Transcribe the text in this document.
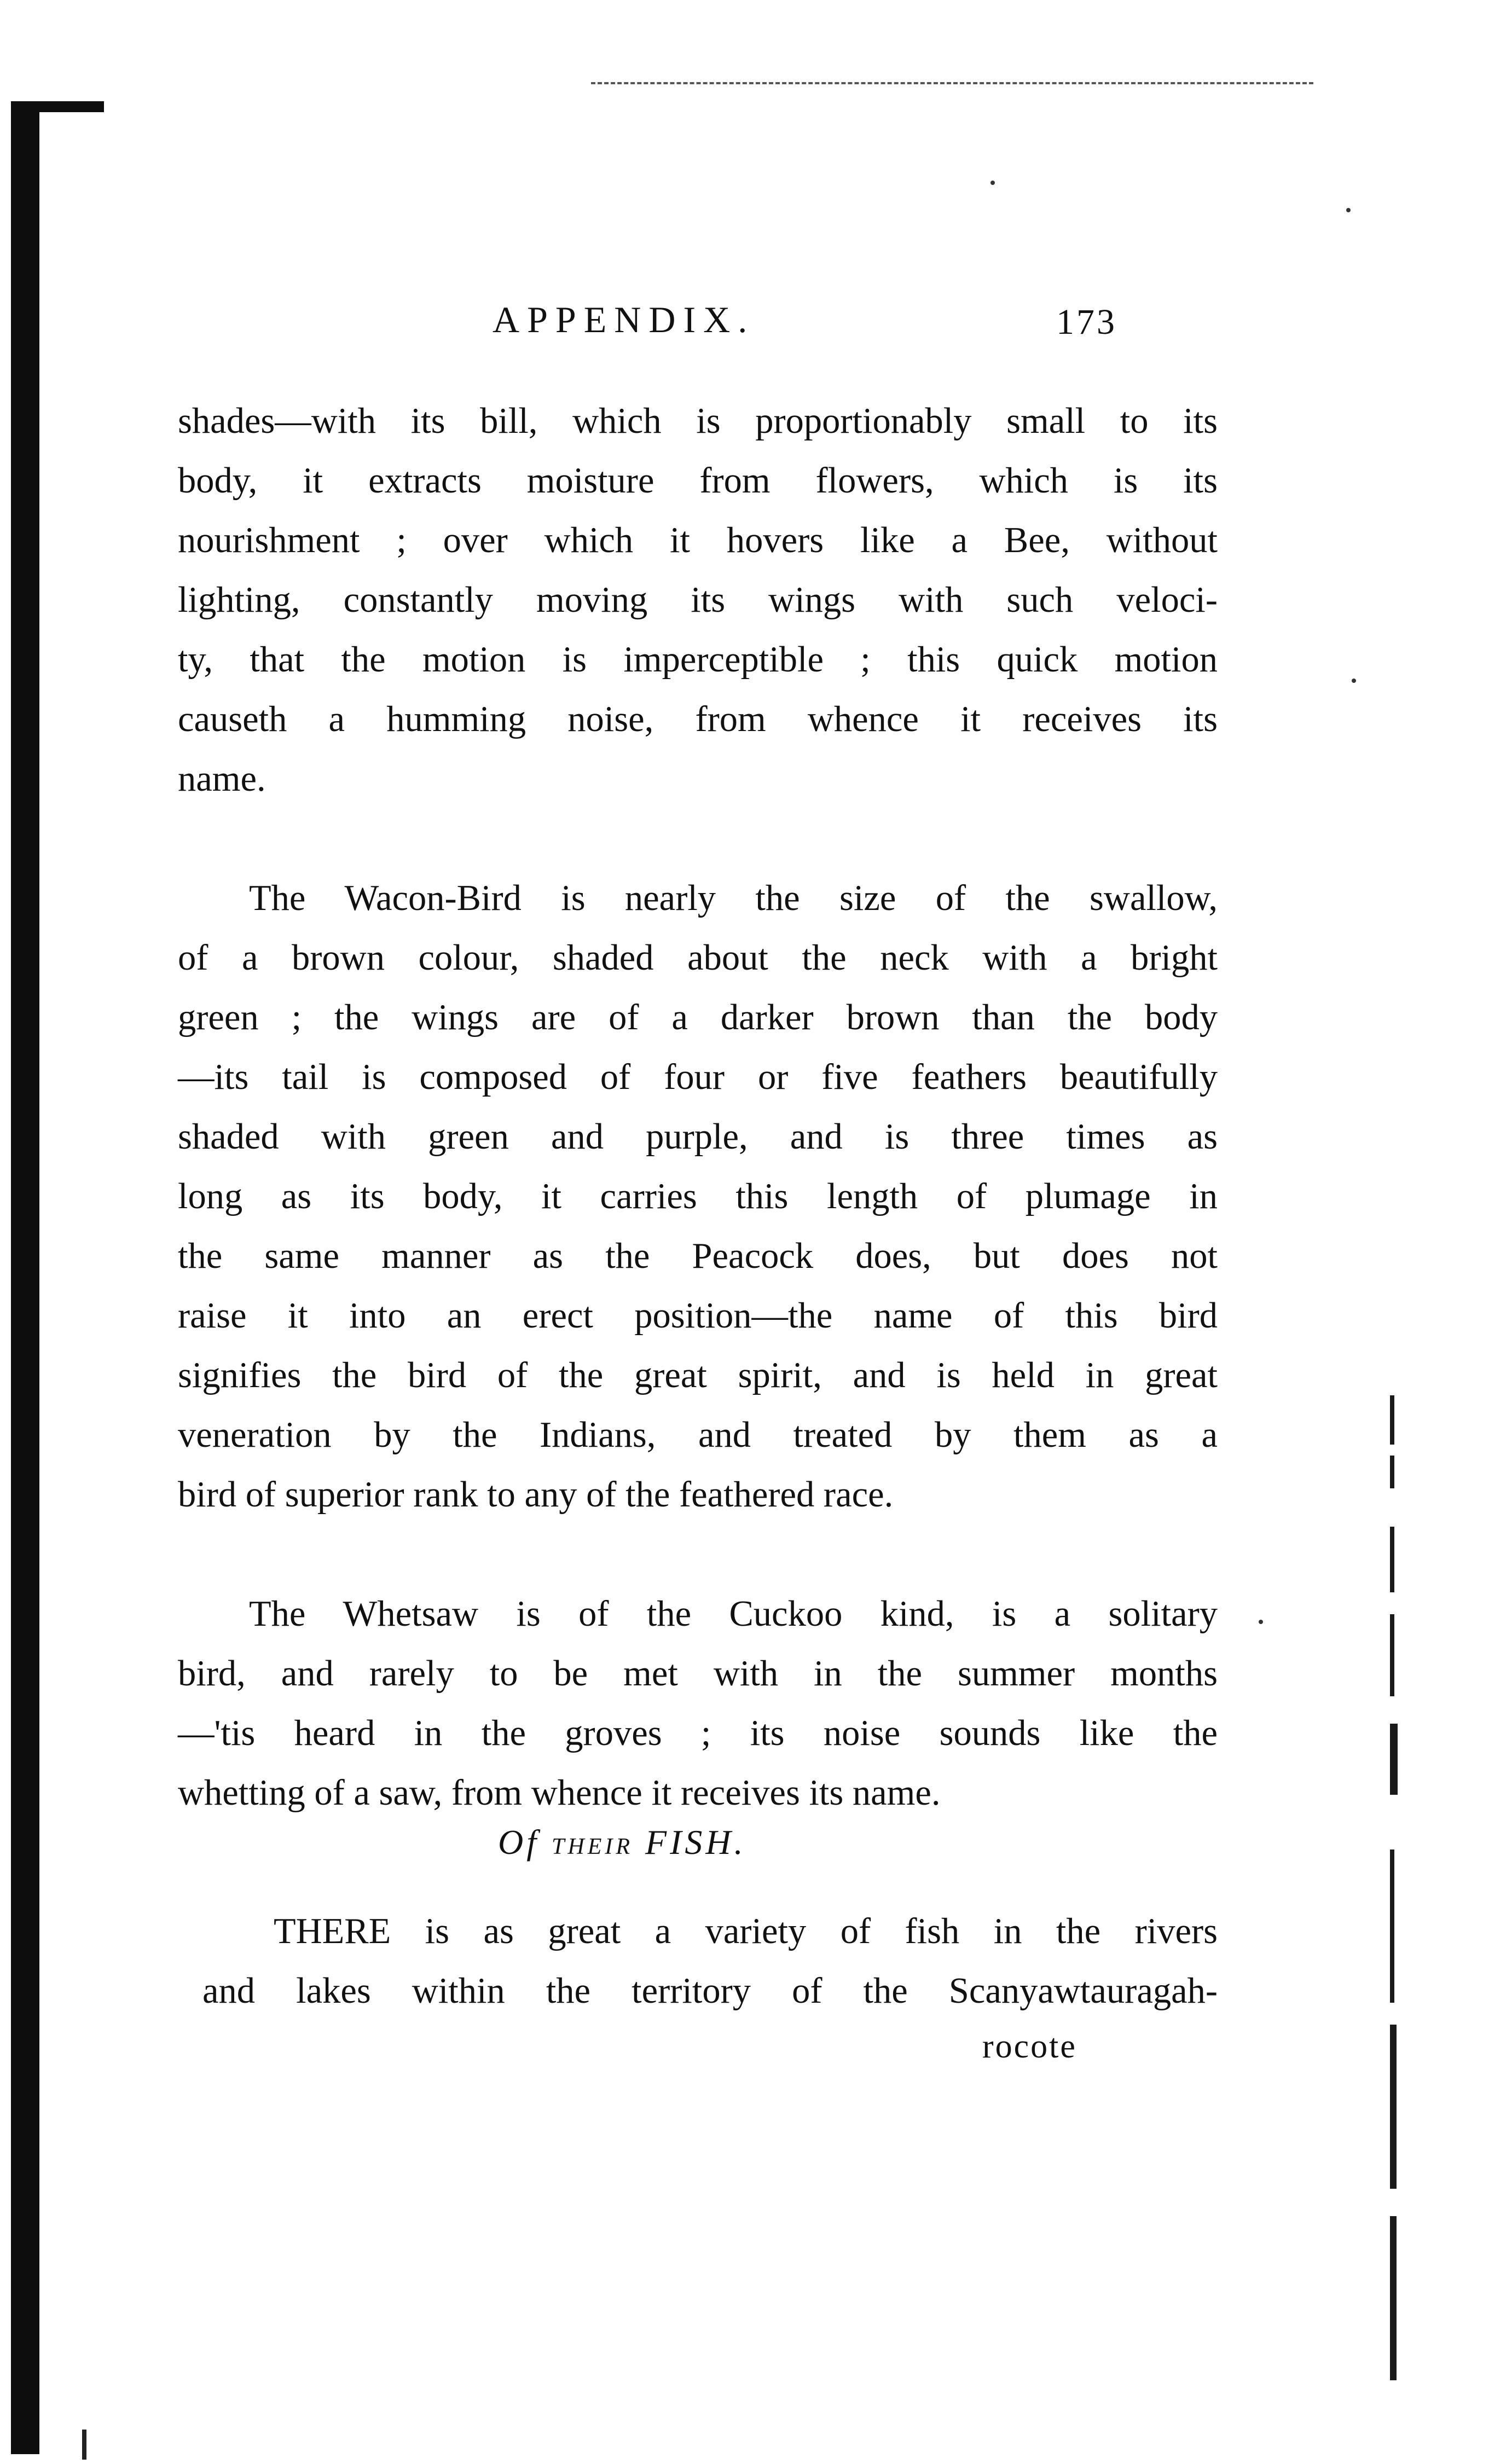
APPENDIX.	173
shades—with its bill, which is proportionably small to its
body, it extracts moisture from flowers, which is its
nourishment ; over which it hovers like a Bee, without
lighting, constantly moving its wings with such veloci-
ty, that the motion is imperceptible ; this quick motion
causeth a humming noise, from whence it receives its
name.
The Wacon-Bird is nearly the size of the swallow,
of a brown colour, shaded about the neck with a bright
green ; the wings are of a darker brown than the body
—its tail is composed of four or five feathers beautifully
shaded with green and purple, and is three times as
long as its body, it carries this length of plumage in
the same manner as the Peacock does, but does not
raise it into an erect position—the name of this bird
signifies the bird of the great spirit, and is held in great
veneration by the Indians, and treated by them as a
bird of superior rank to any of the feathered race.
The Whetsaw is of the Cuckoo kind, is a solitary
bird, and rarely to be met with in the summer months
—'tis heard in the groves ; its noise sounds like the
whetting of a saw, from whence it receives its name.
Of THEIR FISH.
THERE is as great a variety of fish in the rivers
and lakes within the territory of the Scanyawtauragah-
rocote
